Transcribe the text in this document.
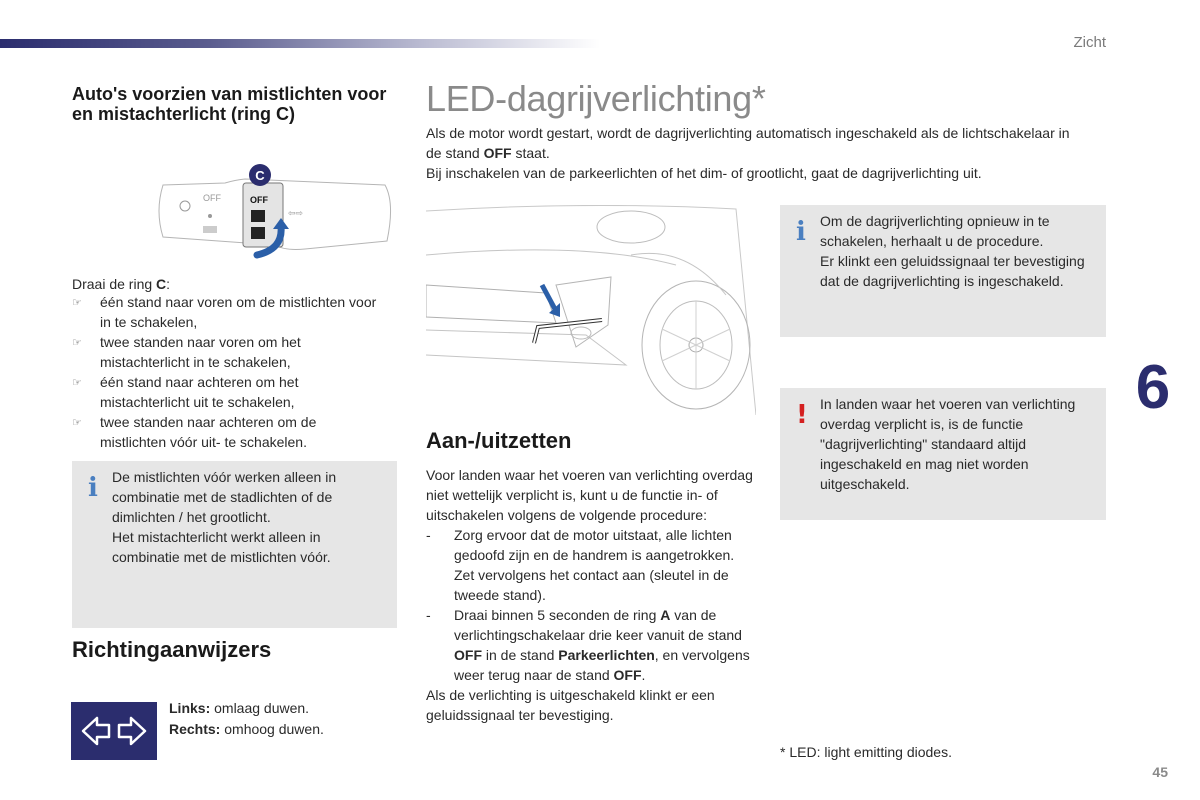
Zicht
6
45
Auto's voorzien van mistlichten voor en mistachterlicht (ring C)
OFF	OFF
⇦⇨
C
Draai de ring C:
☞ één stand naar voren om de mistlichten voor in te schakelen,
☞ twee standen naar voren om het mistachterlicht in te schakelen,
☞ één stand naar achteren om het mistachterlicht uit te schakelen,
☞ twee standen naar achteren om de mistlichten vóór uit- te schakelen.
i De mistlichten vóór werken alleen in combinatie met de stadlichten of de dimlichten / het grootlicht.
Het mistachterlicht werkt alleen in combinatie met de mistlichten vóór.
Richtingaanwijzers
Links: omlaag duwen.
Rechts: omhoog duwen.
LED-dagrijverlichting*
Als de motor wordt gestart, wordt de dagrijverlichting automatisch ingeschakeld als de lichtschakelaar in de stand OFF staat.
Bij inschakelen van de parkeerlichten of het dim- of grootlicht, gaat de dagrijverlichting uit.
Aan-/uitzetten
Voor landen waar het voeren van verlichting overdag niet wettelijk verplicht is, kunt u de functie in- of uitschakelen volgens de volgende procedure:
- Zorg ervoor dat de motor uitstaat, alle lichten gedoofd zijn en de handrem is aangetrokken. Zet vervolgens het contact aan (sleutel in de tweede stand).
- Draai binnen 5 seconden de ring A van de verlichtingschakelaar drie keer vanuit de stand OFF in de stand Parkeerlichten, en vervolgens weer terug naar de stand OFF.
Als de verlichting is uitgeschakeld klinkt er een geluidssignaal ter bevestiging.
i Om de dagrijverlichting opnieuw in te schakelen, herhaalt u de procedure.
Er klinkt een geluidssignaal ter bevestiging dat de dagrijverlichting is ingeschakeld.
! In landen waar het voeren van verlichting overdag verplicht is, is de functie "dagrijverlichting" standaard altijd ingeschakeld en mag niet worden uitgeschakeld.
* LED: light emitting diodes.
